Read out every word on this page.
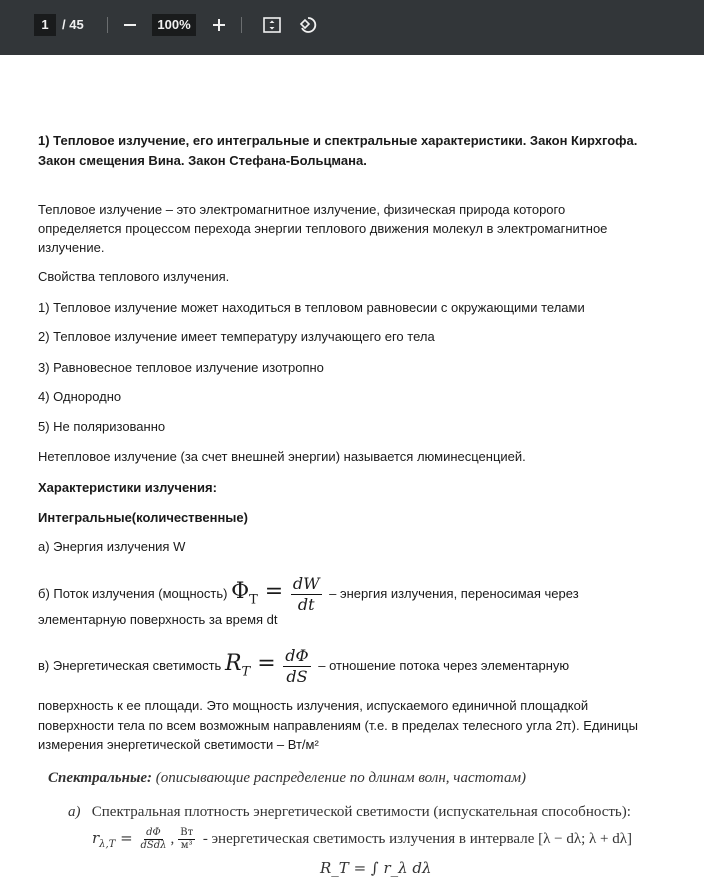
1	/ 45	100%
1) Тепловое излучение, его интегральные и спектральные характеристики. Закон Кирхгофа.
Закон смещения Вина. Закон Стефана-Больцмана.
Тепловое излучение – это электромагнитное излучение, физическая природа которого
определяется процессом перехода энергии теплового движения молекул в электромагнитное
излучение.
Свойства теплового излучения.
1) Тепловое излучение может находиться в тепловом равновесии с окружающими телами
2) Тепловое излучение имеет температуру излучающего его тела
3) Равновесное тепловое излучение изотропно
4) Однородно
5) Не поляризованно
Нетепловое излучение (за счет внешней энергии) называется люминесценцией.
Характеристики излучения:
Интегральные(количественные)
а) Энергия излучения W
б) Поток излучения (мощность) $\Phi_T = \frac{dW}{dt}$ – энергия излучения, переносимая через
элементарную поверхность за время dt
в) Энергетическая светимость $R_T = \frac{d\Phi}{dS}$ – отношение потока через элементарную
поверхность к ее площади. Это мощность излучения, испускаемого единичной площадкой
поверхности тела по всем возможным направлениям (т.е. в пределах телесного угла 2π). Единицы
измерения энергетической светимости – Вт/м²
Спектральные: (описывающие распределение по длинам волн, частотам)
а) Спектральная плотность энергетической светимости (испускательная способность):
$r_{\lambda,T} = \frac{d\Phi}{\text{dSdλ}}$ , $\frac{Вт}{\text{м³}}$ - энергетическая светимость излучения в интервале [λ − dλ; λ + dλ]
R_T = ∫ r_λ dλ
